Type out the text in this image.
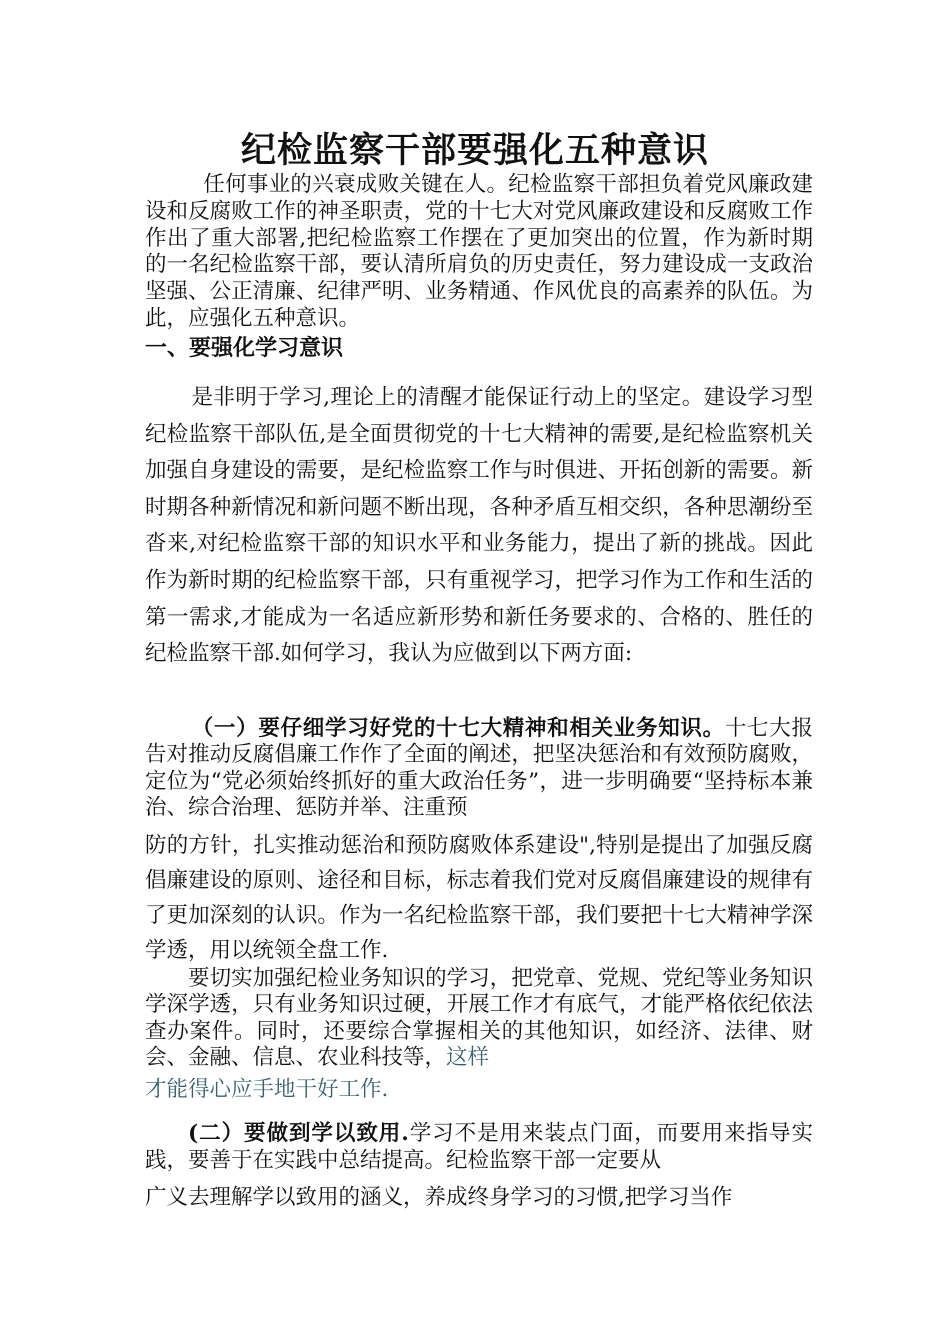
纪检监察干部要强化五种意识

任何事业的兴衰成败关键在人。纪检监察干部担负着党风廉政建设和反腐败工作的神圣职责，党的十七大对党风廉政建设和反腐败工作作出了重大部署,把纪检监察工作摆在了更加突出的位置，作为新时期的一名纪检监察干部，要认清所肩负的历史责任，努力建设成一支政治坚强、公正清廉、纪律严明、业务精通、作风优良的高素养的队伍。为此，应强化五种意识。

一、要强化学习意识

是非明于学习,理论上的清醒才能保证行动上的坚定。建设学习型纪检监察干部队伍,是全面贯彻党的十七大精神的需要,是纪检监察机关加强自身建设的需要，是纪检监察工作与时俱进、开拓创新的需要。新时期各种新情况和新问题不断出现，各种矛盾互相交织，各种思潮纷至沓来,对纪检监察干部的知识水平和业务能力，提出了新的挑战。因此作为新时期的纪检监察干部，只有重视学习，把学习作为工作和生活的第一需求,才能成为一名适应新形势和新任务要求的、合格的、胜任的纪检监察干部.如何学习，我认为应做到以下两方面:

（一）要仔细学习好党的十七大精神和相关业务知识。十七大报告对推动反腐倡廉工作作了全面的阐述，把坚决惩治和有效预防腐败，定位为“党必须始终抓好的重大政治任务”，进一步明确要“坚持标本兼治、综合治理、惩防并举、注重预

防的方针，扎实推动惩治和预防腐败体系建设",特别是提出了加强反腐倡廉建设的原则、途径和目标，标志着我们党对反腐倡廉建设的规律有了更加深刻的认识。作为一名纪检监察干部，我们要把十七大精神学深学透，用以统领全盘工作.

要切实加强纪检业务知识的学习，把党章、党规、党纪等业务知识学深学透，只有业务知识过硬，开展工作才有底气，才能严格依纪依法查办案件。同时，还要综合掌握相关的其他知识，如经济、法律、财会、金融、信息、农业科技等，这样

才能得心应手地干好工作.

(二）要做到学以致用.学习不是用来装点门面，而要用来指导实践，要善于在实践中总结提高。纪检监察干部一定要从

广义去理解学以致用的涵义，养成终身学习的习惯,把学习当作
